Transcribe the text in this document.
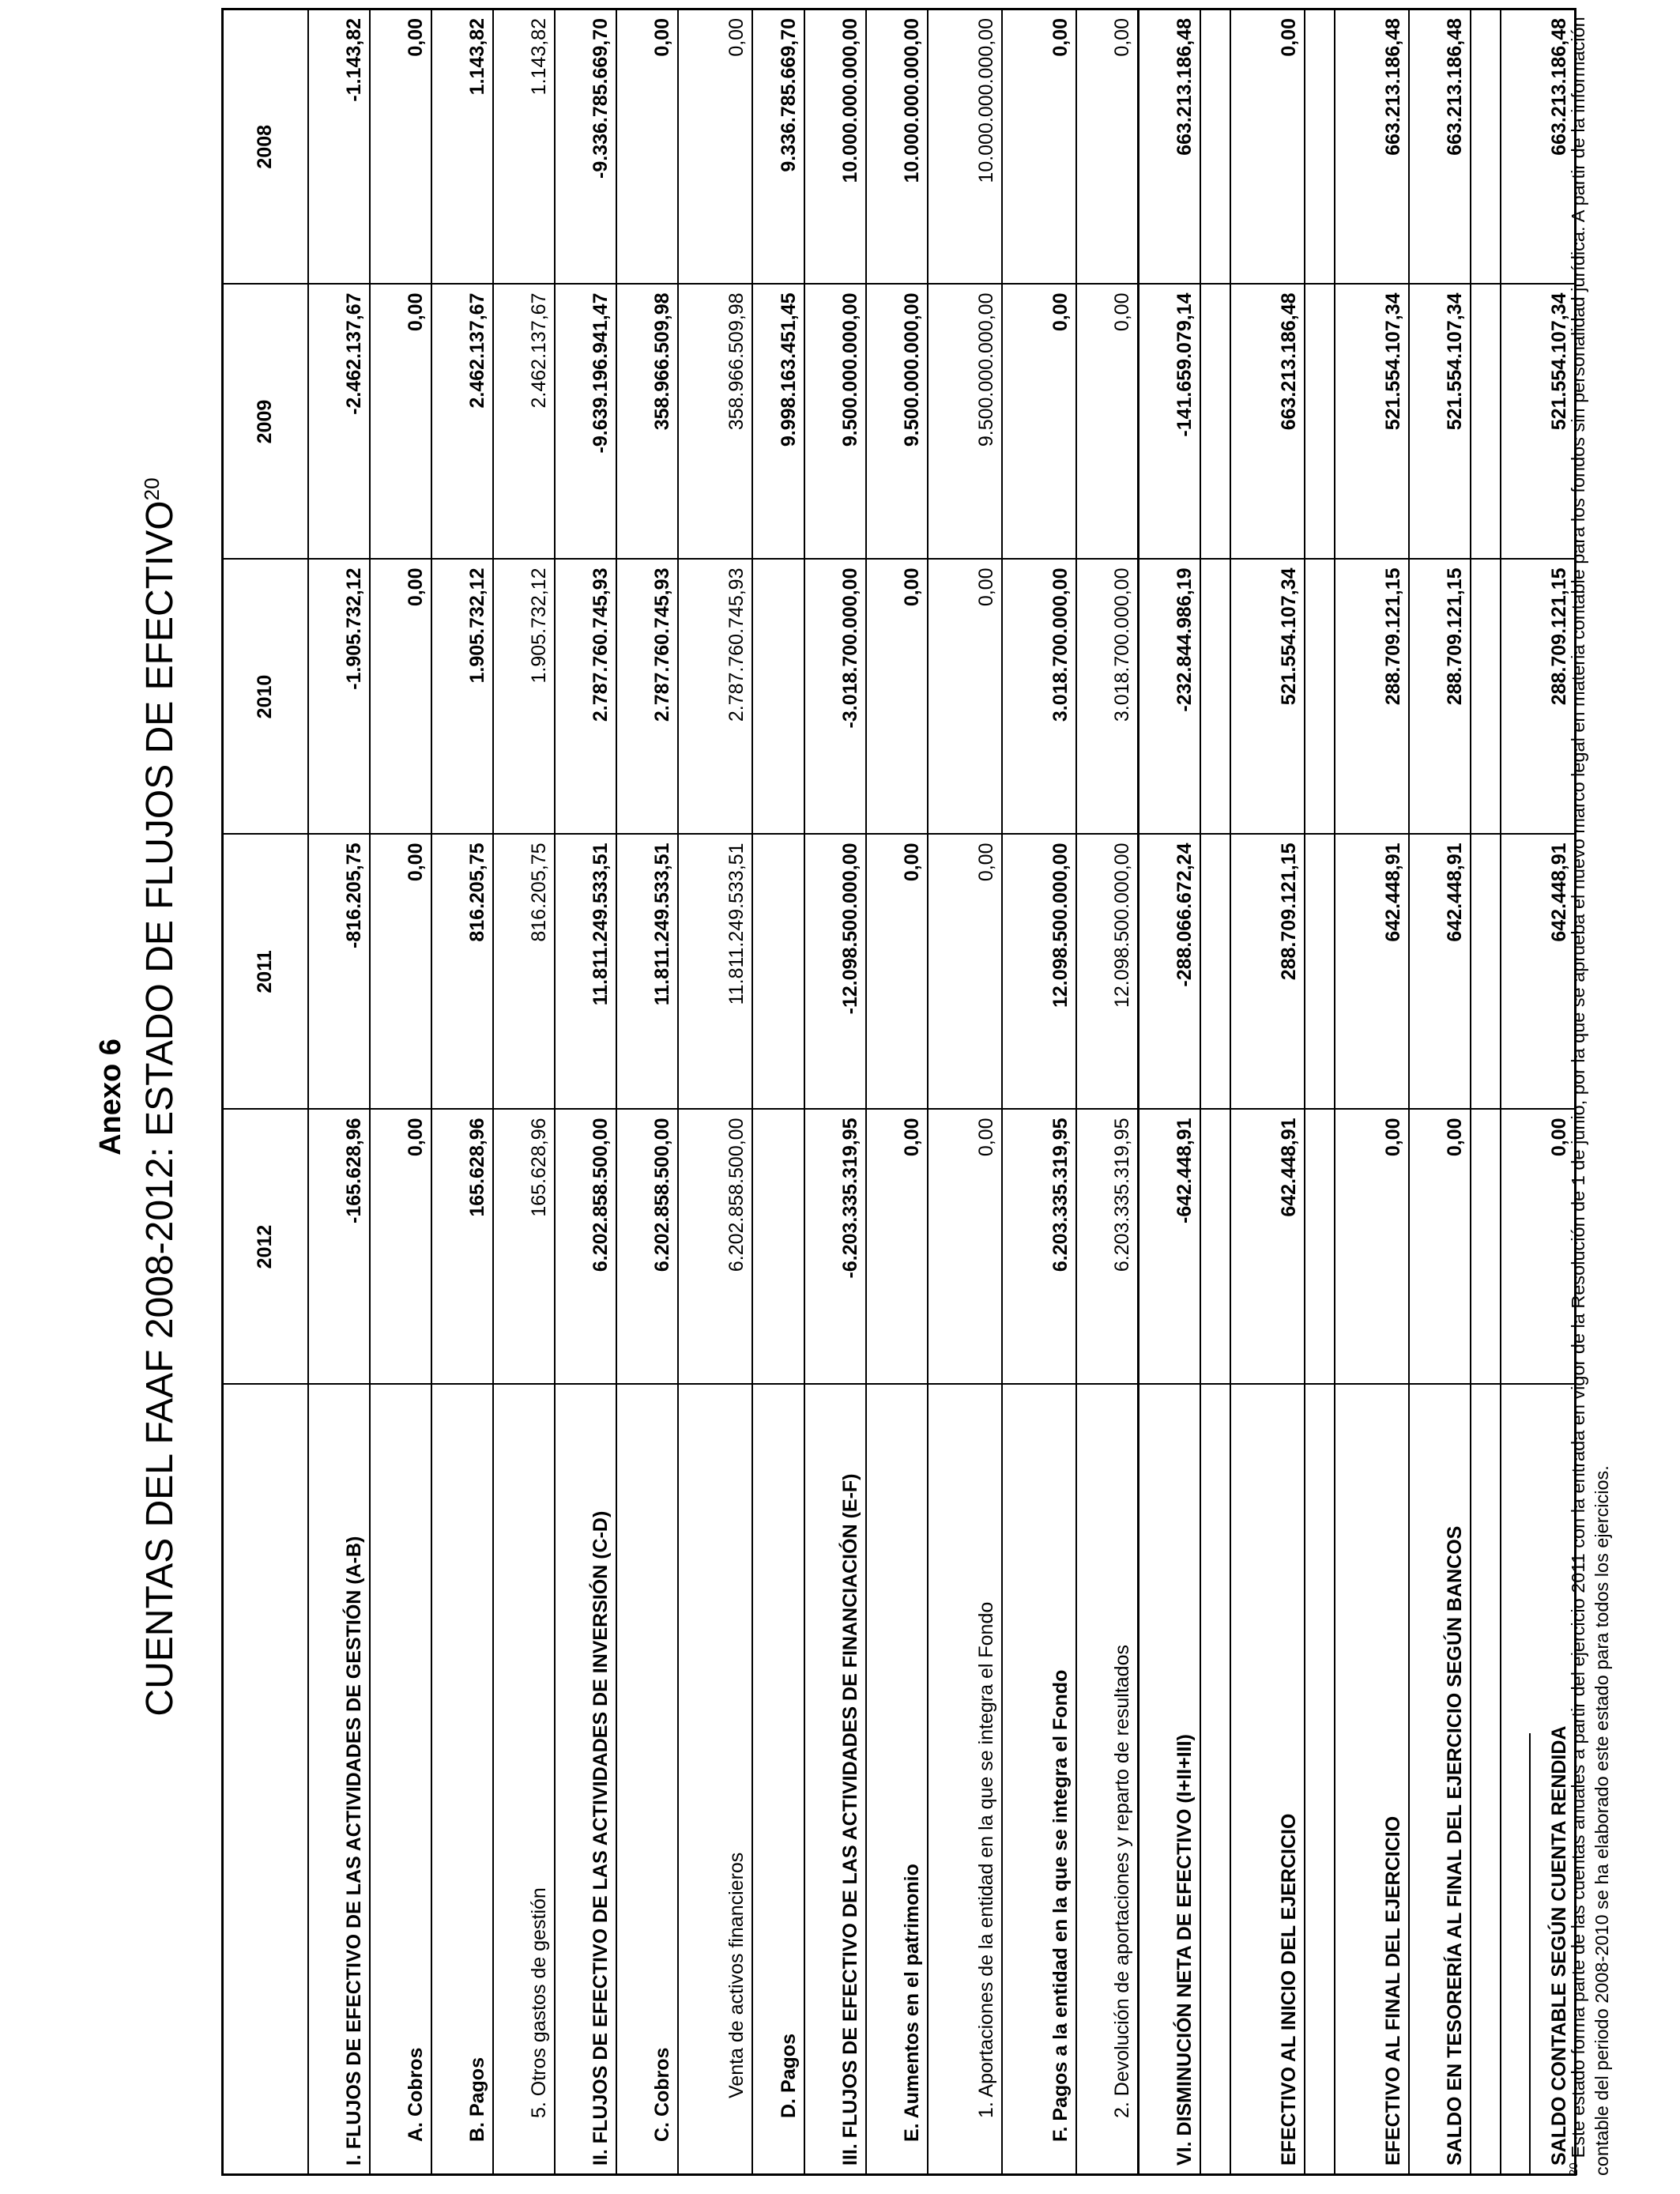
Anexo 6 CUENTAS DEL FAAF 2008-2012: ESTADO DE FLUJOS DE EFECTIVO$^{20}$
	2012	2011	2010	2009	2008
I. FLUJOS DE EFECTIVO DE LAS ACTIVIDADES DE GESTIÓN (A-B)	-165.628,96	-816.205,75	-1.905.732,12	-2.462.137,67	-1.143,82
A. Cobros	0,00	0,00	0,00	0,00	0,00
B. Pagos	165.628,96	816.205,75	1.905.732,12	2.462.137,67	1.143,82
5. Otros gastos de gestión	165.628,96	816.205,75	1.905.732,12	2.462.137,67	1.143,82
II. FLUJOS DE EFECTIVO DE LAS ACTIVIDADES DE INVERSIÓN (C-D)	6.202.858.500,00	11.811.249.533,51	2.787.760.745,93	-9.639.196.941,47	-9.336.785.669,70
C. Cobros	6.202.858.500,00	11.811.249.533,51	2.787.760.745,93	358.966.509,98	0,00
Venta de activos financieros	6.202.858.500,00	11.811.249.533,51	2.787.760.745,93	358.966.509,98	0,00
D. Pagos				9.998.163.451,45	9.336.785.669,70
III. FLUJOS DE EFECTIVO DE LAS ACTIVIDADES DE FINANCIACIÓN (E-F)	-6.203.335.319,95	-12.098.500.000,00	-3.018.700.000,00	9.500.000.000,00	10.000.000.000,00
E. Aumentos en el patrimonio	0,00	0,00	0,00	9.500.000.000,00	10.000.000.000,00
1. Aportaciones de la entidad en la que se integra el Fondo	0,00	0,00	0,00	9.500.000.000,00	10.000.000.000,00
F. Pagos a la entidad en la que se integra el Fondo	6.203.335.319,95	12.098.500.000,00	3.018.700.000,00	0,00	0,00
2. Devolución de aportaciones y reparto de resultados	6.203.335.319,95	12.098.500.000,00	3.018.700.000,00	0,00	0,00
VI. DISMINUCIÓN NETA DE EFECTIVO (I+II+III)	-642.448,91	-288.066.672,24	-232.844.986,19	-141.659.079,14	663.213.186,48

EFECTIVO AL INICIO DEL EJERCICIO	642.448,91	288.709.121,15	521.554.107,34	663.213.186,48	0,00

EFECTIVO AL FINAL DEL EJERCICIO	0,00	642.448,91	288.709.121,15	521.554.107,34	663.213.186,48
SALDO EN TESORERÍA AL FINAL DEL EJERCICIO SEGÚN BANCOS	0,00	642.448,91	288.709.121,15	521.554.107,34	663.213.186,48

SALDO CONTABLE SEGÚN CUENTA RENDIDA	0,00	642.448,91	288.709.121,15	521.554.107,34	663.213.186,48

$^{20}$Este estado forma parte de las cuentas anuales a partir del ejercicio 2011 con la entrada en vigor de la Resolución de 1 de junio, por la que se aprueba el nuevo marco legal en materia contable para los fondos sin personalidad jurídica. A partir de la información contable del periodo 2008-2010 se ha elaborado este estado para todos los ejercicios.
